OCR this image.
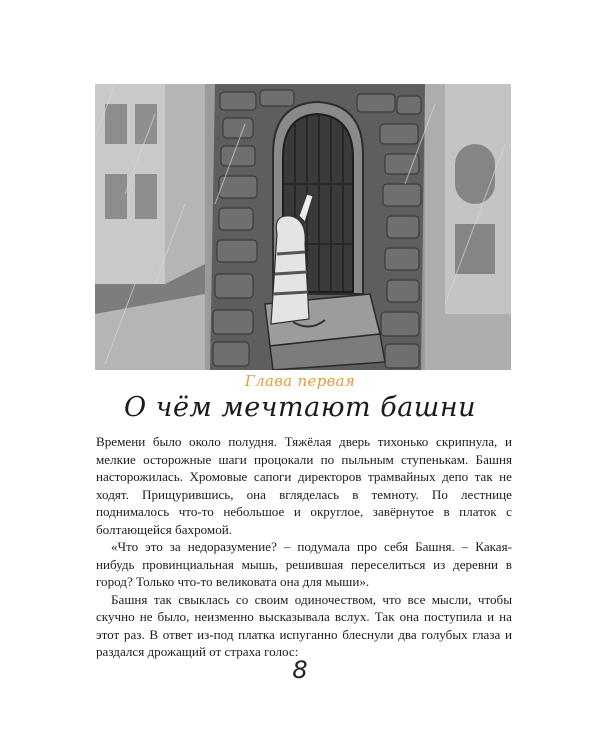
Глава первая
О чём мечтают башни

Времени было около полудня. Тяжёлая дверь тихонько скрипнула, и мелкие осторожные шаги процокали по пыльным ступенькам. Башня насторожилась. Хромовые сапоги директоров трамвайных депо так не ходят. Прищурившись, она вгляделась в темноту. По лестнице поднималось что-то небольшое и округлое, завёрнутое в платок с болтающейся бахромой.

«Что это за недоразумение? – подумала про себя Башня. – Какая-нибудь провинциальная мышь, решившая переселиться из деревни в город? Только что-то великовата она для мыши».

Башня так свыклась со своим одиночеством, что все мысли, чтобы скучно не было, неизменно высказывала вслух. Так она поступила и на этот раз. В ответ из-под платка испуганно блеснули два голубых глаза и раздался дрожащий от страха голос:

8
